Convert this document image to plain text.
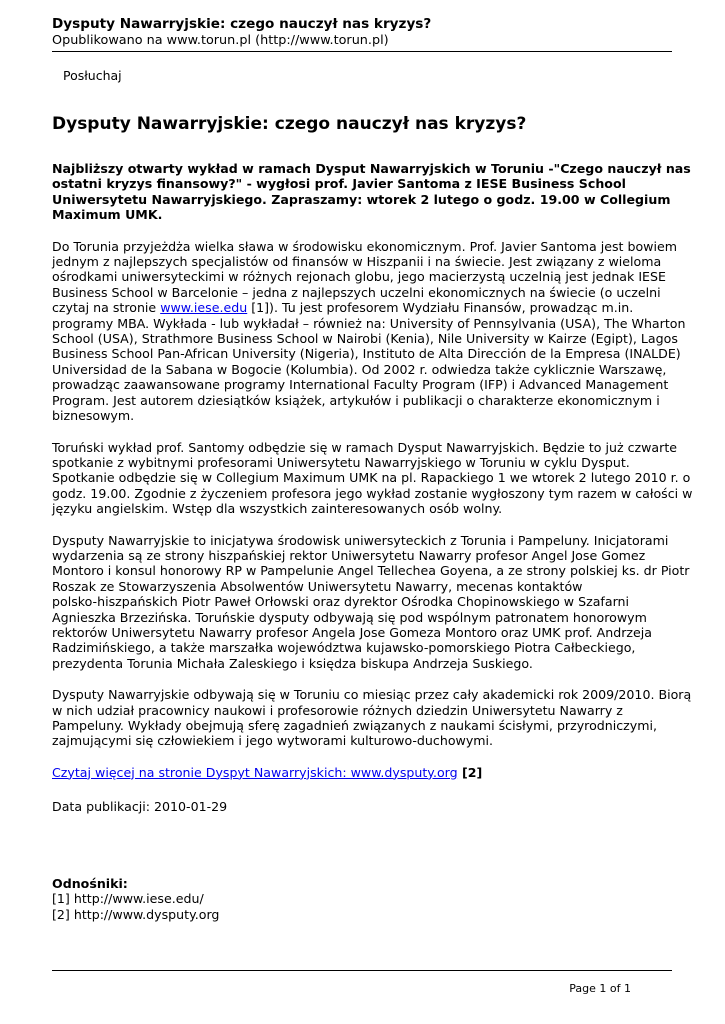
Dysputy Nawarryjskie: czego nauczył nas kryzys?
Opublikowano na www.torun.pl (http://www.torun.pl)
Posłuchaj
Dysputy Nawarryjskie: czego nauczył nas kryzys?

Najbliższy otwarty wykład w ramach Dysput Nawarryjskich w Toruniu -"Czego nauczył nas
ostatni kryzys finansowy?" - wygłosi prof. Javier Santoma z IESE Business School
Uniwersytetu Nawarryjskiego. Zapraszamy: wtorek 2 lutego o godz. 19.00 w Collegium
Maximum UMK.

Do Torunia przyjeżdża wielka sława w środowisku ekonomicznym. Prof. Javier Santoma jest bowiem
jednym z najlepszych specjalistów od finansów w Hiszpanii i na świecie. Jest związany z wieloma
ośrodkami uniwersyteckimi w różnych rejonach globu, jego macierzystą uczelnią jest jednak IESE
Business School w Barcelonie – jedna z najlepszych uczelni ekonomicznych na świecie (o uczelni
czytaj na stronie www.iese.edu [1]). Tu jest profesorem Wydziału Finansów, prowadząc m.in.
programy MBA. Wykłada - lub wykładał – również na: University of Pennsylvania (USA), The Wharton
School (USA), Strathmore Business School w Nairobi (Kenia), Nile University w Kairze (Egipt), Lagos
Business School Pan-African University (Nigeria), Instituto de Alta Dirección de la Empresa (INALDE)
Universidad de la Sabana w Bogocie (Kolumbia). Od 2002 r. odwiedza także cyklicznie Warszawę,
prowadząc zaawansowane programy International Faculty Program (IFP) i Advanced Management
Program. Jest autorem dziesiątków książek, artykułów i publikacji o charakterze ekonomicznym i
biznesowym.

Toruński wykład prof. Santomy odbędzie się w ramach Dysput Nawarryjskich. Będzie to już czwarte
spotkanie z wybitnymi profesorami Uniwersytetu Nawarryjskiego w Toruniu w cyklu Dysput.
Spotkanie odbędzie się w Collegium Maximum UMK na pl. Rapackiego 1 we wtorek 2 lutego 2010 r. o
godz. 19.00. Zgodnie z życzeniem profesora jego wykład zostanie wygłoszony tym razem w całości w
języku angielskim. Wstęp dla wszystkich zainteresowanych osób wolny.

Dysputy Nawarryjskie to inicjatywa środowisk uniwersyteckich z Torunia i Pampeluny. Inicjatorami
wydarzenia są ze strony hiszpańskiej rektor Uniwersytetu Nawarry profesor Angel Jose Gomez
Montoro i konsul honorowy RP w Pampelunie Angel Tellechea Goyena, a ze strony polskiej ks. dr Piotr
Roszak ze Stowarzyszenia Absolwentów Uniwersytetu Nawarry, mecenas kontaktów
polsko-hiszpańskich Piotr Paweł Orłowski oraz dyrektor Ośrodka Chopinowskiego w Szafarni
Agnieszka Brzezińska. Toruńskie dysputy odbywają się pod wspólnym patronatem honorowym
rektorów Uniwersytetu Nawarry profesor Angela Jose Gomeza Montoro oraz UMK prof. Andrzeja
Radzimińskiego, a także marszałka województwa kujawsko-pomorskiego Piotra Całbeckiego,
prezydenta Torunia Michała Zaleskiego i księdza biskupa Andrzeja Suskiego.

Dysputy Nawarryjskie odbywają się w Toruniu co miesiąc przez cały akademicki rok 2009/2010. Biorą
w nich udział pracownicy naukowi i profesorowie różnych dziedzin Uniwersytetu Nawarry z
Pampeluny. Wykłady obejmują sferę zagadnień związanych z naukami ścisłymi, przyrodniczymi,
zajmującymi się człowiekiem i jego wytworami kulturowo-duchowymi.

Czytaj więcej na stronie Dyspyt Nawarryjskich: www.dysputy.org [2]

Data publikacji: 2010-01-29
Odnośniki:
[1] http://www.iese.edu/
[2] http://www.dysputy.org
Page 1 of 1
